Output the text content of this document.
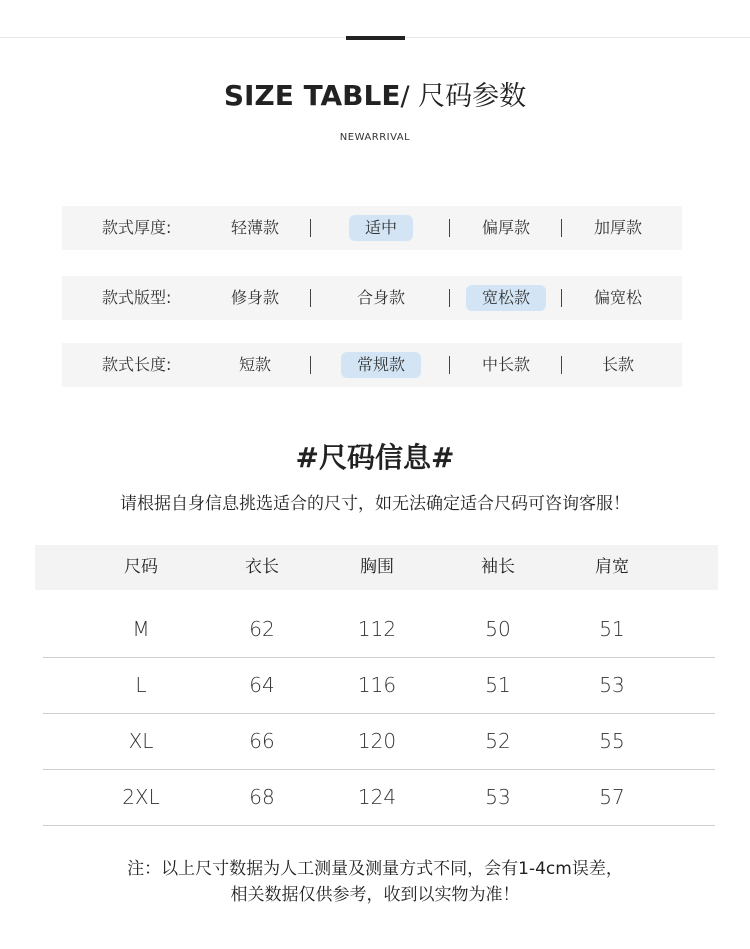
SIZE TABLE/ 尺码参数
NEWARRIVAL
款式厚度:	轻薄款	适中	偏厚款	加厚款
款式版型:	修身款	合身款	宽松款	偏宽松
款式长度:	短款	常规款	中长款	长款
#尺码信息#
请根据自身信息挑选适合的尺寸，如无法确定适合尺码可咨询客服！
尺码	衣长	胸围	袖长	肩宽
M	62	112	50	51
L	64	116	51	53
XL	66	120	52	55
2XL	68	124	53	57
注：以上尺寸数据为人工测量及测量方式不同，会有1-4cm误差，
相关数据仅供参考，收到以实物为准！
